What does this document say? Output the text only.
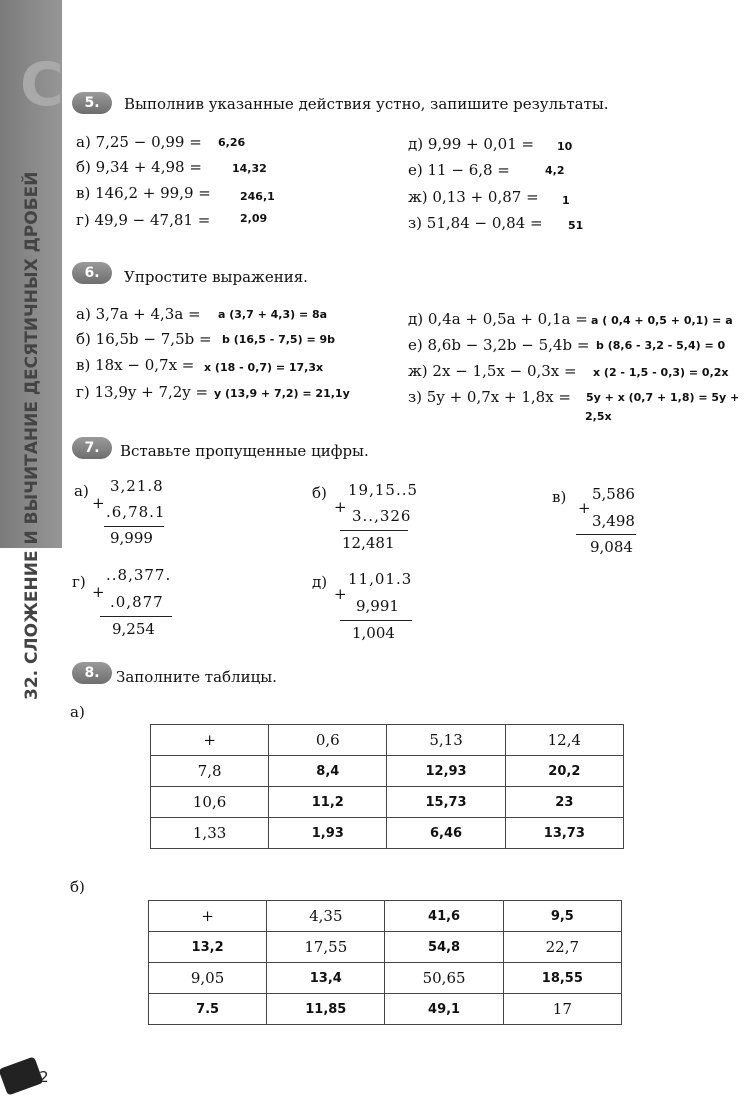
С
32. СЛОЖЕНИЕ И ВЫЧИТАНИЕ ДЕСЯТИЧНЫХ ДРОБЕЙ
102
5.	Выполнив указанные действия устно, запишите результаты.
а) 7,25 − 0,99 = 6,26
б) 9,34 + 4,98 =	14,32
в) 146,2 + 99,9 =	246,1
г) 49,9 − 47,81 =	2,09
д) 9,99 + 0,01 = 10
е) 11 − 6,8 =	4,2
ж) 0,13 + 0,87 = 1
з) 51,84 − 0,84 = 51
6.	Упростите выражения.
а) 3,7a + 4,3a = a (3,7 + 4,3) = 8a
б) 16,5b − 7,5b = b (16,5 - 7,5) = 9b
в) 18x − 0,7x = x (18 - 0,7) = 17,3x
г) 13,9y + 7,2y = y (13,9 + 7,2) = 21,1y
д) 0,4a + 0,5a + 0,1a = a ( 0,4 + 0,5 + 0,1) = a
е) 8,6b − 3,2b − 5,4b = b (8,6 - 3,2 - 5,4) = 0
ж) 2x − 1,5x − 0,3x = x (2 - 1,5 - 0,3) = 0,2x
з) 5y + 0,7x + 1,8x = 5y + x (0,7 + 1,8) = 5y +
2,5x
7.	Вставьте пропущенные цифры.
а)
+
3,21.8
.6,78.1
9,999
б)
+
19,15..5
3..,326
12,481
в)
+
5,586
3,498
9,084
г)
+
..8,377.
.0,877
9,254
д)
+
11,01.3
9,991
1,004
8.	Заполните таблицы.
а)
+	0,6	5,13	12,4
7,8	8,4	12,93	20,2
10,6	11,2	15,73	23
1,33	1,93	6,46	13,73
б)
+	4,35	41,6	9,5
13,2	17,55	54,8	22,7
9,05	13,4	50,65	18,55
7.5	11,85	49,1	17
